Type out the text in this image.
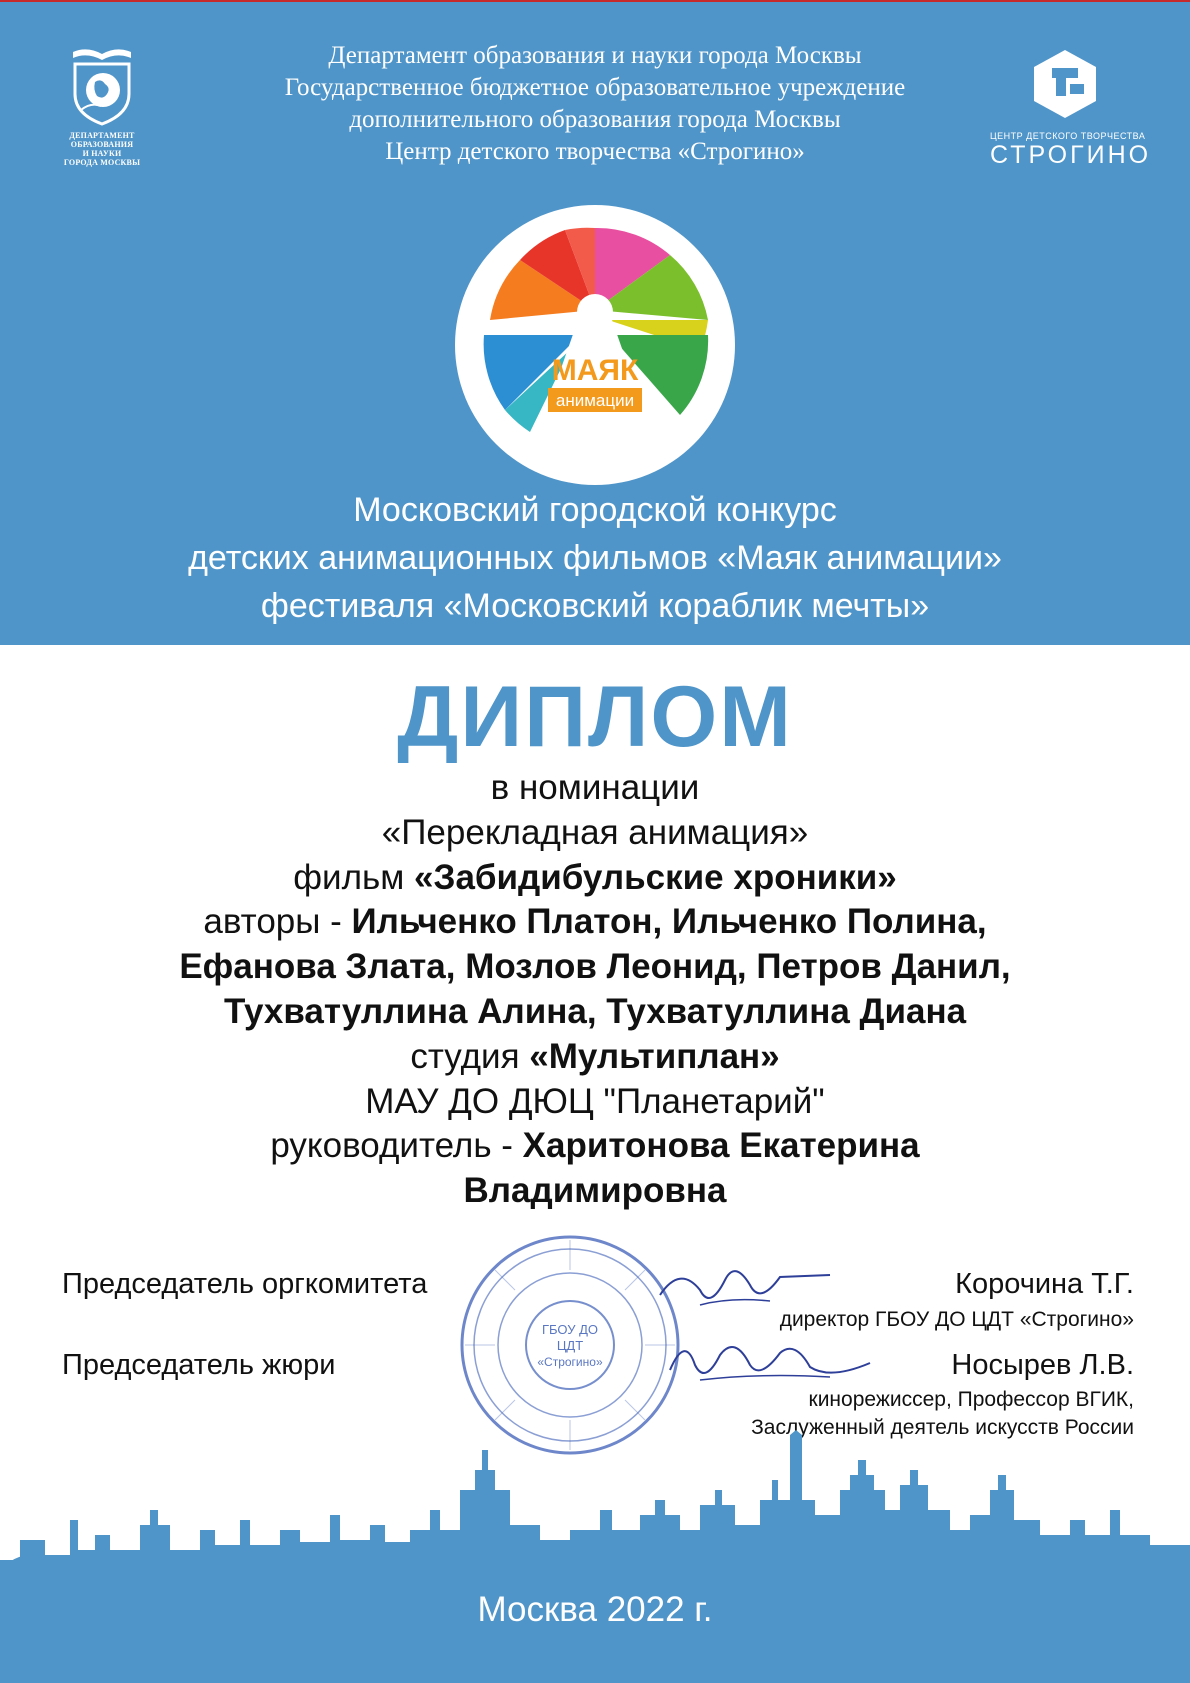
ДЕПАРТАМЕНТ
ОБРАЗОВАНИЯ
И НАУКИ
ГОРОДА МОСКВЫ
Департамент образования и науки города Москвы
Государственное бюджетное образовательное учреждение
дополнительного образования города Москвы
Центр детского творчества «Строгино»
ЦЕНТР ДЕТСКОГО ТВОРЧЕСТВА
СТРОГИНО
МАЯК
анимации
Московский городской конкурс
детских анимационных фильмов «Маяк анимации»
фестиваля «Московский кораблик мечты»
ДИПЛОМ
в номинации
«Перекладная анимация»
фильм «Забидибульские хроники»
авторы - Ильченко Платон, Ильченко Полина,
Ефанова Злата, Мозлов Леонид, Петров Данил,
Тухватуллина Алина, Тухватуллина Диана
студия «Мультиплан»
МАУ ДО ДЮЦ "Планетарий"
руководитель - Харитонова Екатерина
Владимировна
ГБОУ ДО
ЦДТ
«Строгино»
Председатель оргкомитета	Корочина Т.Г.
директор ГБОУ ДО ЦДТ «Строгино»
Председатель жюри	Носырев Л.В.
кинорежиссер, Профессор ВГИК,
Заслуженный деятель искусств России
Москва 2022 г.
